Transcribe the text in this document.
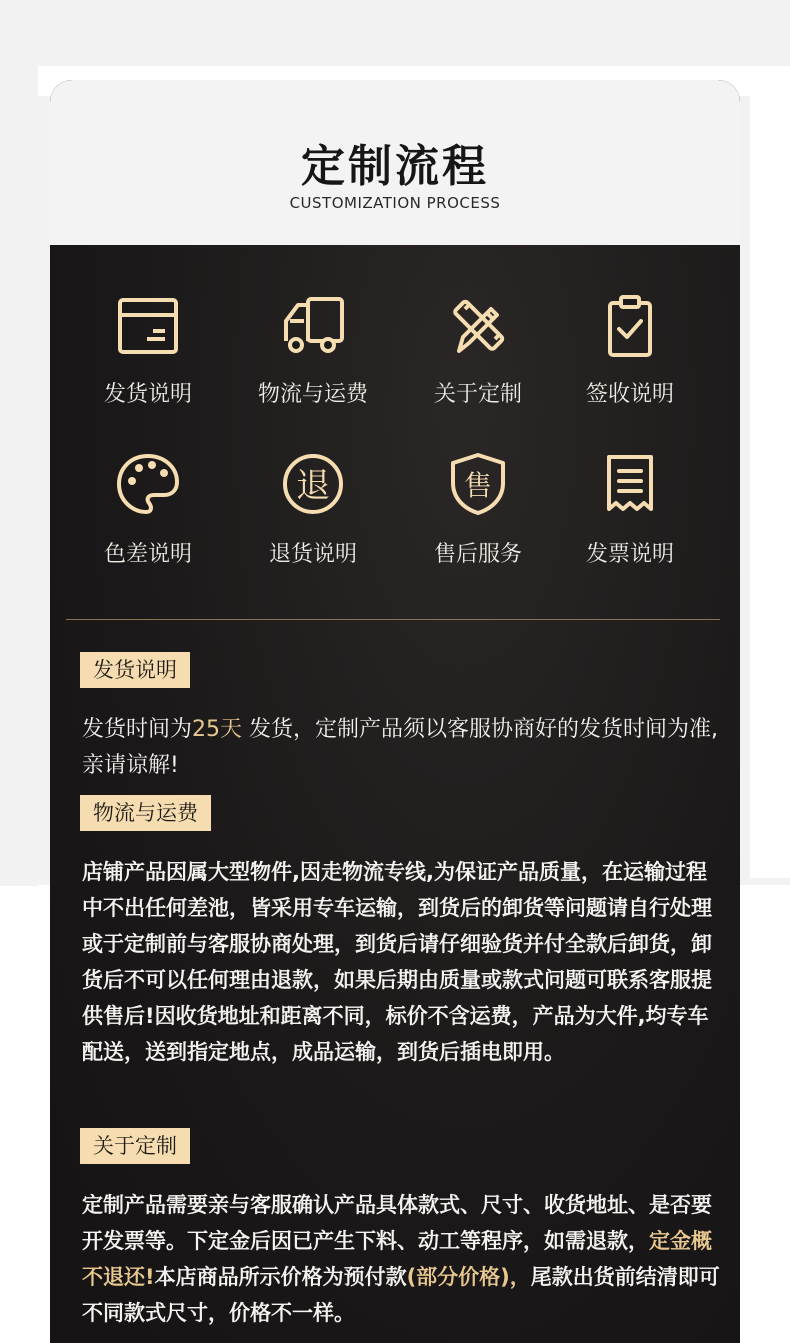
定制流程
CUSTOMIZATION PROCESS
发货说明	物流与运费	关于定制	签收说明
色差说明
退
退货说明
售
售后服务	发票说明
发货说明

发货时间为25天 发货，定制产品须以客服协商好的发货时间为准,亲请谅解!

物流与运费

店铺产品因属大型物件,因走物流专线,为保证产品质量，在运输过程中不出任何差池，皆采用专车运输，到货后的卸货等问题请自行处理或于定制前与客服协商处理，到货后请仔细验货并付全款后卸货，卸货后不可以任何理由退款，如果后期由质量或款式问题可联系客服提供售后!因收货地址和距离不同，标价不含运费，产品为大件,均专车配送，送到指定地点，成品运输，到货后插电即用。

关于定制

定制产品需要亲与客服确认产品具体款式、尺寸、收货地址、是否要开发票等。下定金后因已产生下料、动工等程序，如需退款，定金概不退还!本店商品所示价格为预付款(部分价格)，尾款出货前结清即可不同款式尺寸，价格不一样。
